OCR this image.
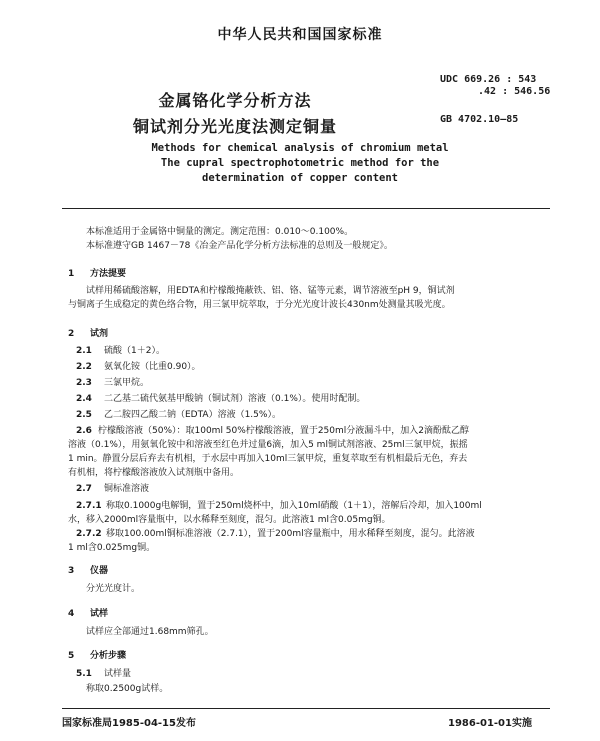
中华人民共和国国家标准
金属铬化学分析方法
铜试剂分光光度法测定铜量
UDC 669.26 : 543
.42 : 546.56
GB 4702.10—85
Methods for chemical analysis of chromium metal
The cupral spectrophotometric method for the
determination of copper content
本标准适用于金属铬中铜量的测定。测定范围：0.010～0.100%。
本标准遵守GB 1467－78《冶金产品化学分析方法标准的总则及一般规定》。
1 方法提要
试样用稀硫酸溶解，用EDTA和柠檬酸掩蔽铁、铝、铬、锰等元素，调节溶液至pH 9，铜试剂
与铜离子生成稳定的黄色络合物，用三氯甲烷萃取，于分光光度计波长430nm处测量其吸光度。
2 试剂
2.1 硫酸（1＋2）。
2.2 氨氧化铵（比重0.90）。
2.3 三氯甲烷。
2.4 二乙基二硫代氨基甲酸钠（铜试剂）溶液（0.1%）。使用时配制。
2.5 乙二胺四乙酸二钠（EDTA）溶液（1.5%）。
2.6 柠檬酸溶液（50%）：取100ml 50%柠檬酸溶液，置于250ml分液漏斗中，加入2滴酚酞乙醇
溶液（0.1%），用氨氧化铵中和溶液至红色并过量6滴，加入5 ml铜试剂溶液、25ml三氯甲烷，振摇
1 min。静置分层后弃去有机相，于水层中再加入10ml三氯甲烷，重复萃取至有机相最后无色，弃去
有机相，将柠檬酸溶液放入试剂瓶中备用。
2.7 铜标准溶液
2.7.1 称取0.1000g电解铜，置于250ml烧杯中，加入10ml硝酸（1＋1），溶解后冷却，加入100ml
水，移入2000ml容量瓶中，以水稀释至刻度，混匀。此溶液1 ml含0.05mg铜。
2.7.2 移取100.00ml铜标准溶液（2.7.1），置于200ml容量瓶中，用水稀释至刻度，混匀。此溶液
1 ml含0.025mg铜。
3 仪器
分光光度计。
4 试样
试样应全部通过1.68mm筛孔。
5 分析步骤
5.1 试样量
称取0.2500g试样。
国家标准局1985-04-15发布	1986-01-01实施
